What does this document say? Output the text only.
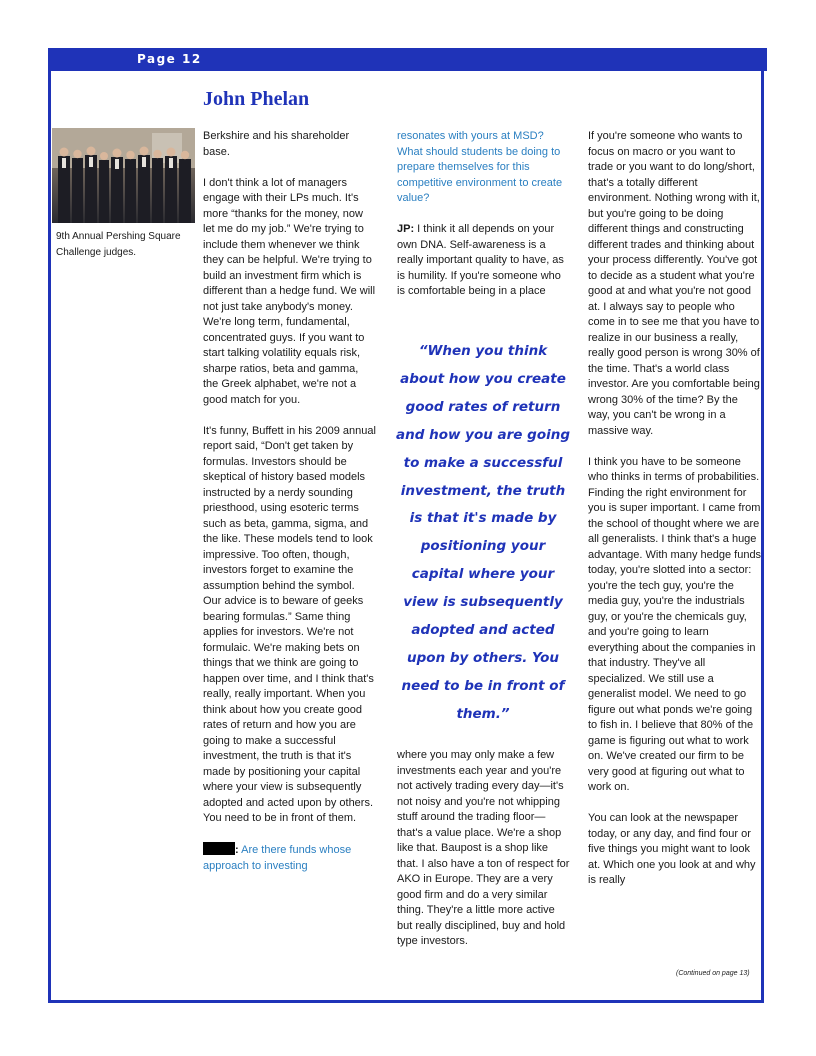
Page 12
John Phelan
9th Annual Pershing Square Challenge judges.

Berkshire and his shareholder base.

I don't think a lot of managers engage with their LPs much. It's more “thanks for the money, now let me do my job.” We're trying to include them whenever we think they can be helpful. We're trying to build an investment firm which is different than a hedge fund. We will not just take anybody's money. We're long term, fundamental, concentrated guys. If you want to start talking volatility equals risk, sharpe ratios, beta and gamma, the Greek alphabet, we're not a good match for you.

It's funny, Buffett in his 2009 annual report said, “Don't get taken by formulas. Investors should be skeptical of history based models instructed by a nerdy sounding priesthood, using esoteric terms such as beta, gamma, sigma, and the like. These models tend to look impressive. Too often, though, investors forget to examine the assumption behind the symbol. Our advice is to beware of geeks bearing formulas.” Same thing applies for investors. We're not formulaic. We're making bets on things that we think are going to happen over time, and I think that's really, really important. When you think about how you create good rates of return and how you are going to make a successful investment, the truth is that it's made by positioning your capital where your view is subsequently adopted and acted upon by others. You need to be in front of them.

: Are there funds whose approach to investing

resonates with yours at MSD? What should students be doing to prepare themselves for this competitive environment to create value?

JP: I think it all depends on your own DNA. Self-awareness is a really important quality to have, as is humility. If you're someone who is comfortable being in a place

“When you think about how you create good rates of return and how you are going to make a successful investment, the truth is that it's made by positioning your capital where your view is subsequently adopted and acted upon by others. You need to be in front of them.”

where you may only make a few investments each year and you're not actively trading every day—it's not noisy and you're not whipping stuff around the trading floor—that's a value place. We're a shop like that. Baupost is a shop like that. I also have a ton of respect for AKO in Europe. They are a very good firm and do a very similar thing. They're a little more active but really disciplined, buy and hold type investors.

If you're someone who wants to focus on macro or you want to trade or you want to do long/short, that's a totally different environment. Nothing wrong with it, but you're going to be doing different things and constructing different trades and thinking about your process differently. You've got to decide as a student what you're good at and what you're not good at. I always say to people who come in to see me that you have to realize in our business a really, really good person is wrong 30% of the time. That's a world class investor. Are you comfortable being wrong 30% of the time? By the way, you can't be wrong in a massive way.

I think you have to be someone who thinks in terms of probabilities. Finding the right environment for you is super important. I came from the school of thought where we are all generalists. I think that's a huge advantage. With many hedge funds today, you're slotted into a sector: you're the tech guy, you're the media guy, you're the industrials guy, or you're the chemicals guy, and you're going to learn everything about the companies in that industry. They've all specialized. We still use a generalist model. We need to go figure out what ponds we're going to fish in. I believe that 80% of the game is figuring out what to work on. We've created our firm to be very good at figuring out what to work on.

You can look at the newspaper today, or any day, and find four or five things you might want to look at. Which one you look at and why is really

(Continued on page 13)
